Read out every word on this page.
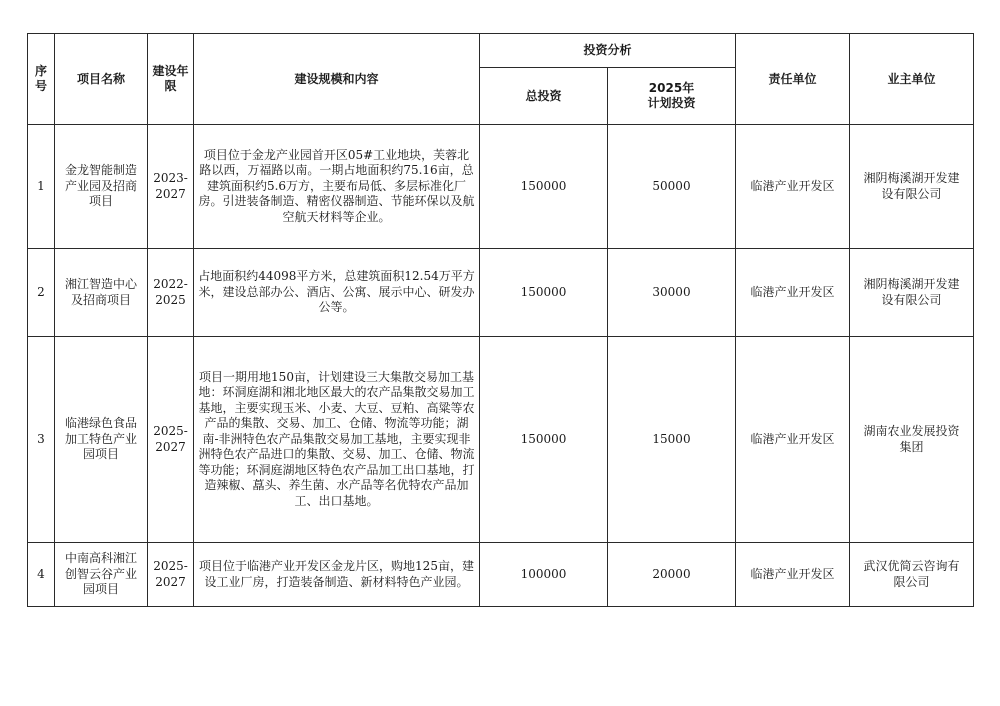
序
号	项目名称	建设年
限	建设规模和内容	投资分析		责任单位	业主单位
				总投资	2025年
计划投资		
1	金龙智能制造
产业园及招商
项目	2023-
2027	项目位于金龙产业园首开区05#工业地块，芙蓉北路以西，万福路以南。一期占地面积约75.16亩，总建筑面积约5.6万方，主要布局低、多层标准化厂房。引进装备制造、精密仪器制造、节能环保以及航空航天材料等企业。	150000	50000	临港产业开发区	湘阴梅溪湖开发建
设有限公司
2	湘江智造中心
及招商项目	2022-
2025	占地面积约44098平方米，总建筑面积12.54万平方米，建设总部办公、酒店、公寓、展示中心、研发办公等。	150000	30000	临港产业开发区	湘阴梅溪湖开发建
设有限公司
3	临港绿色食品
加工特色产业
园项目	2025-
2027	项目一期用地150亩，计划建设三大集散交易加工基地：环洞庭湖和湘北地区最大的农产品集散交易加工基地，主要实现玉米、小麦、大豆、豆粕、高粱等农产品的集散、交易、加工、仓储、物流等功能；湖南-非洲特色农产品集散交易加工基地，主要实现非洲特色农产品进口的集散、交易、加工、仓储、物流等功能；环洞庭湖地区特色农产品加工出口基地，打造辣椒、藠头、养生菌、水产品等名优特农产品加工、出口基地。	150000	15000	临港产业开发区	湖南农业发展投资
集团
4	中南高科湘江
创智云谷产业
园项目	2025-
2027	项目位于临港产业开发区金龙片区，购地125亩，建设工业厂房，打造装备制造、新材料特色产业园。	100000	20000	临港产业开发区	武汉优简云咨询有
限公司
